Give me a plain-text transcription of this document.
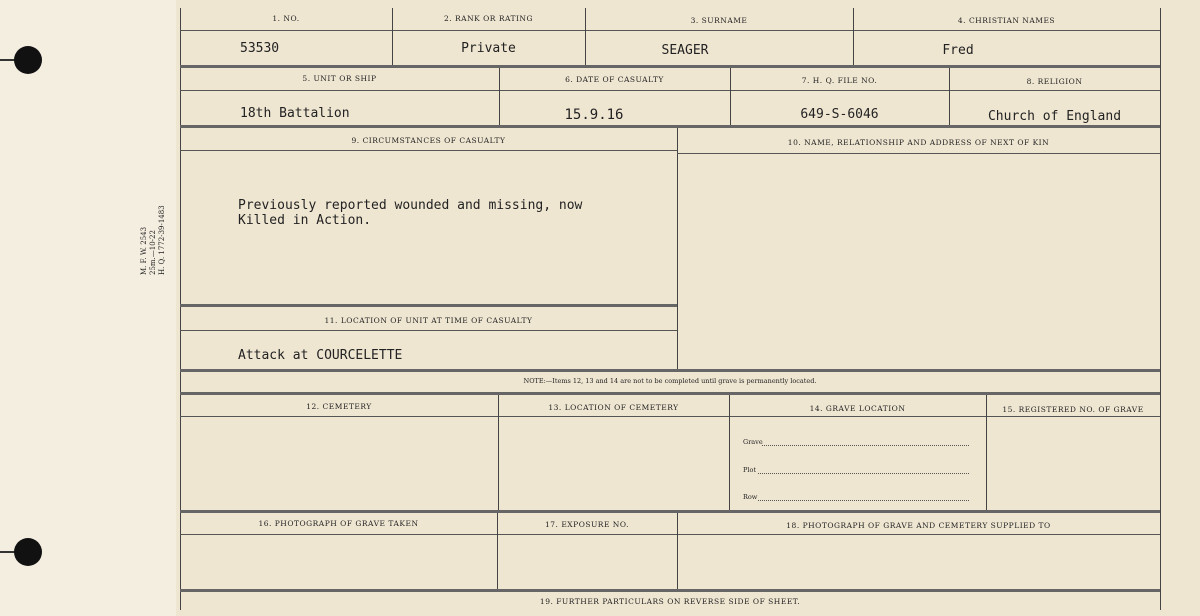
M. F. W. 2543 25m.—10-22 H. Q. 1772-39-1483
1. NO.	2. RANK OR RATING	3. SURNAME	4. CHRISTIAN NAMES
53530	Private	SEAGER	Fred
5. UNIT OR SHIP	6. DATE OF CASUALTY	7. H. Q. FILE NO.	8. RELIGION
18th Battalion	15.9.16	649-S-6046	Church of England
9. CIRCUMSTANCES OF CASUALTY	10. NAME, RELATIONSHIP AND ADDRESS OF NEXT OF KIN
Previously reported wounded and missing, now
Killed in Action.
11. LOCATION OF UNIT AT TIME OF CASUALTY
Attack at COURCELETTE
NOTE:—Items 12, 13 and 14 are not to be completed until grave is permanently located.
12. CEMETERY	13. LOCATION OF CEMETERY	14. GRAVE LOCATION	15. REGISTERED NO. OF GRAVE
Grave
Plot
Row
16. PHOTOGRAPH OF GRAVE TAKEN	17. EXPOSURE NO.	18. PHOTOGRAPH OF GRAVE AND CEMETERY SUPPLIED TO
19. FURTHER PARTICULARS ON REVERSE SIDE OF SHEET.
